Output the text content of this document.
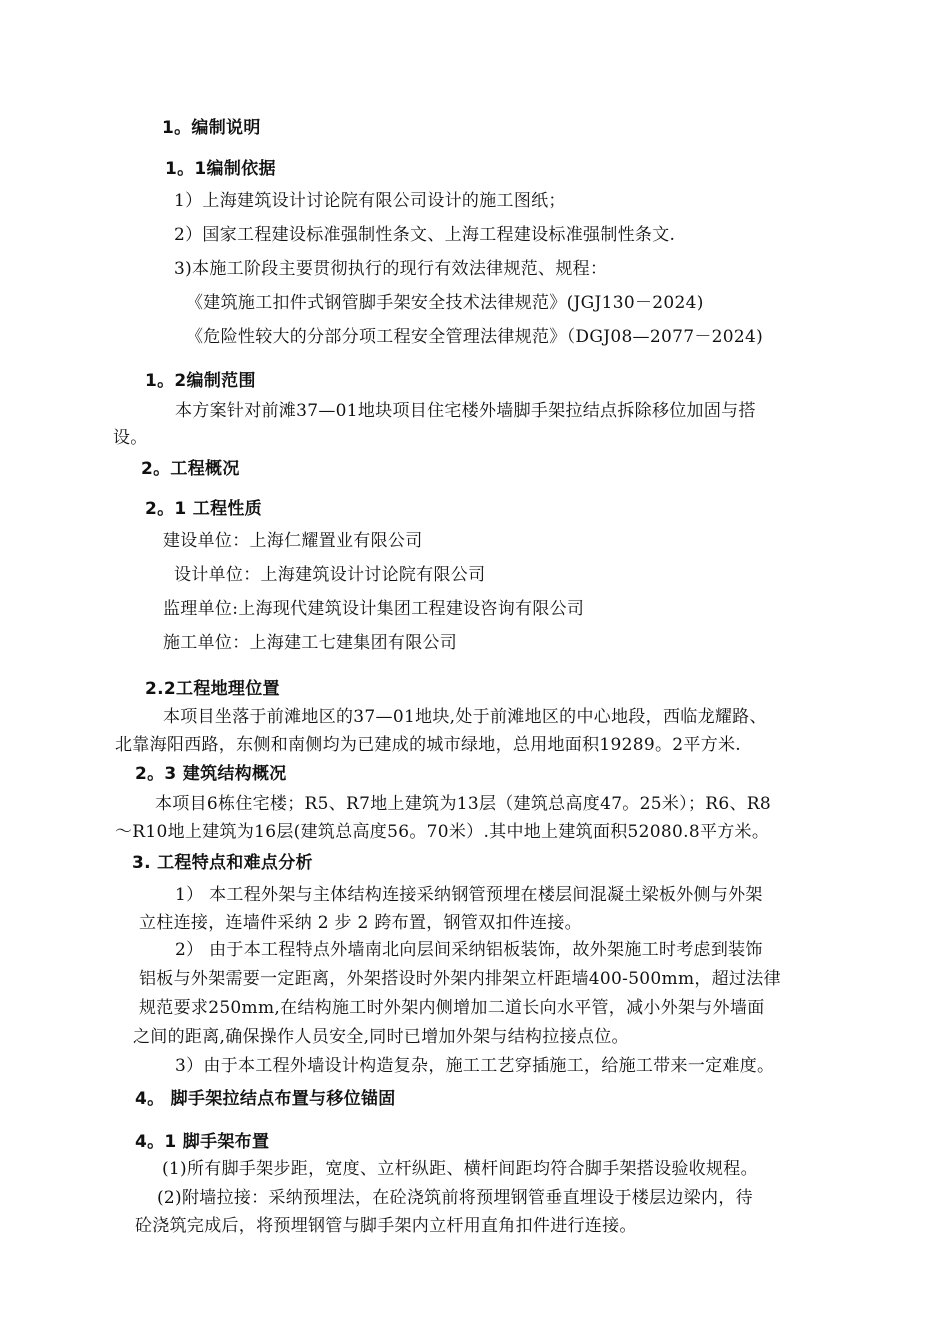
1。编制说明
1。1编制依据
1）上海建筑设计讨论院有限公司设计的施工图纸；
2）国家工程建设标准强制性条文、上海工程建设标准强制性条文.
3)本施工阶段主要贯彻执行的现行有效法律规范、规程：
《建筑施工扣件式钢管脚手架安全技术法律规范》(JGJ130－2024)
《危险性较大的分部分项工程安全管理法律规范》（DGJ08—2077－2024)
1。2编制范围
本方案针对前滩37—01地块项目住宅楼外墙脚手架拉结点拆除移位加固与搭
设。
2。工程概况
2。1 工程性质
建设单位：上海仁耀置业有限公司
设计单位：上海建筑设计讨论院有限公司
监理单位:上海现代建筑设计集团工程建设咨询有限公司
施工单位：上海建工七建集团有限公司
2.2工程地理位置
本项目坐落于前滩地区的37—01地块,处于前滩地区的中心地段，西临龙耀路、
北靠海阳西路，东侧和南侧均为已建成的城市绿地，总用地面积19289。2平方米.
2。3 建筑结构概况
本项目6栋住宅楼；R5、R7地上建筑为13层（建筑总高度47。25米）；R6、R8
～R10地上建筑为16层(建筑总高度56。70米）.其中地上建筑面积52080.8平方米。
3. 工程特点和难点分析
1） 本工程外架与主体结构连接采纳钢管预埋在楼层间混凝土梁板外侧与外架
立柱连接，连墙件采纳 2 步 2 跨布置，钢管双扣件连接。
2） 由于本工程特点外墙南北向层间采纳铝板装饰，故外架施工时考虑到装饰
铝板与外架需要一定距离，外架搭设时外架内排架立杆距墙400-500mm，超过法律
规范要求250mm,在结构施工时外架内侧增加二道长向水平管，减小外架与外墙面
之间的距离,确保操作人员安全,同时已增加外架与结构拉接点位。
3）由于本工程外墙设计构造复杂，施工工艺穿插施工，给施工带来一定难度。
4。 脚手架拉结点布置与移位锚固
4。1 脚手架布置
(1)所有脚手架步距，宽度、立杆纵距、横杆间距均符合脚手架搭设验收规程。
(2)附墙拉接：采纳预埋法，在砼浇筑前将预埋钢管垂直埋设于楼层边梁内，待
砼浇筑完成后，将预埋钢管与脚手架内立杆用直角扣件进行连接。
